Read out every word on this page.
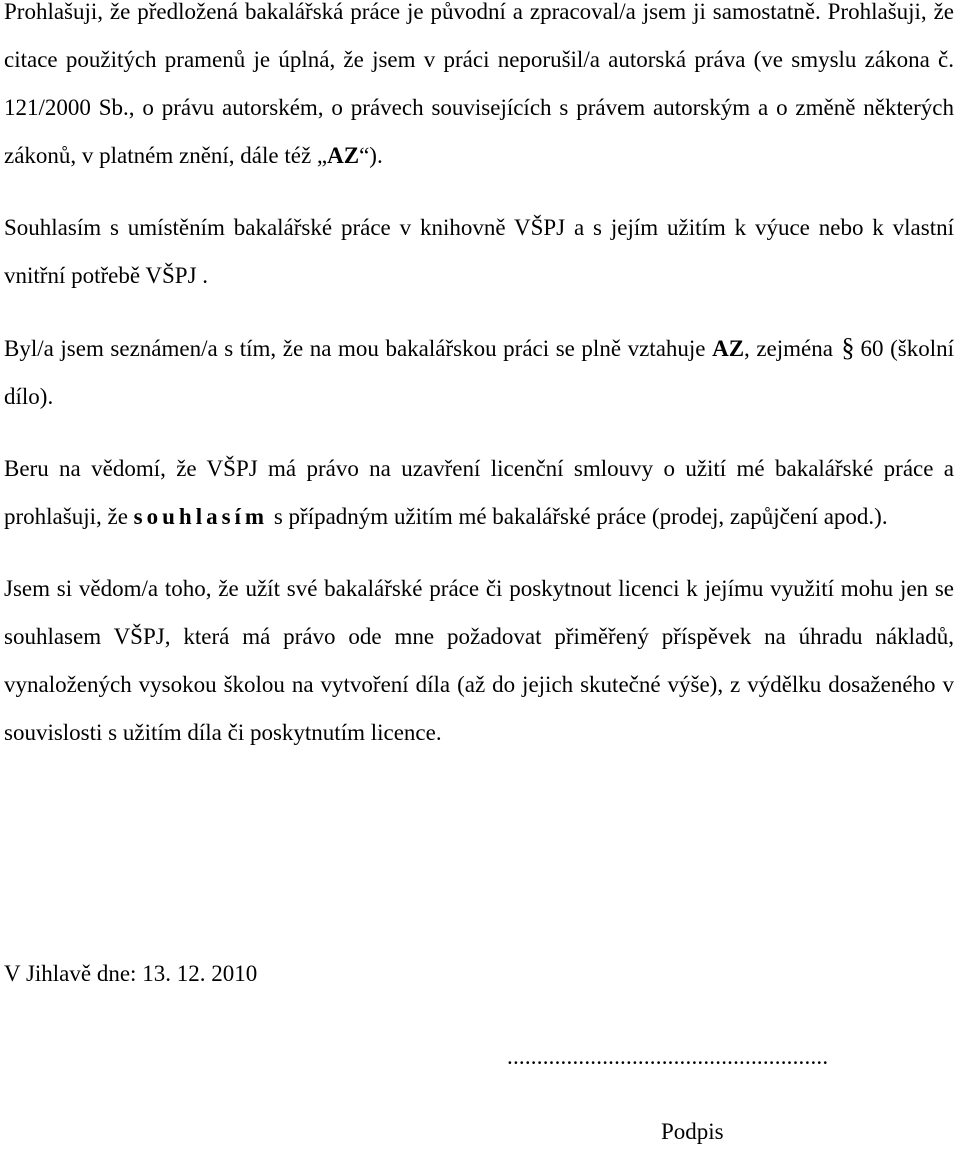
Prohlašuji, že předložená bakalářská práce je původní a zpracoval/a jsem ji samostatně. Prohlašuji, že citace použitých pramenů je úplná, že jsem v práci neporušil/a autorská práva (ve smyslu zákona č. 121/2000 Sb., o právu autorském, o právech souvisejících s právem autorským a o změně některých zákonů, v platném znění, dále též „AZ“).

Souhlasím s umístěním bakalářské práce v knihovně VŠPJ a s jejím užitím k výuce nebo k vlastní vnitřní potřebě VŠPJ .

Byl/a jsem seznámen/a s tím, že na mou bakalářskou práci se plně vztahuje AZ, zejména § 60 (školní dílo).

Beru na vědomí, že VŠPJ má právo na uzavření licenční smlouvy o užití mé bakalářské práce a prohlašuji, že souhlasím s případným užitím mé bakalářské práce (prodej, zapůjčení apod.).

Jsem si vědom/a toho, že užít své bakalářské práce či poskytnout licenci k jejímu využití mohu jen se souhlasem VŠPJ, která má právo ode mne požadovat přiměřený příspěvek na úhradu nákladů, vynaložených vysokou školou na vytvoření díla (až do jejich skutečné výše), z výdělku dosaženého v souvislosti s užitím díla či poskytnutím licence.

V Jihlavě dne: 13. 12. 2010
......................................................
Podpis
